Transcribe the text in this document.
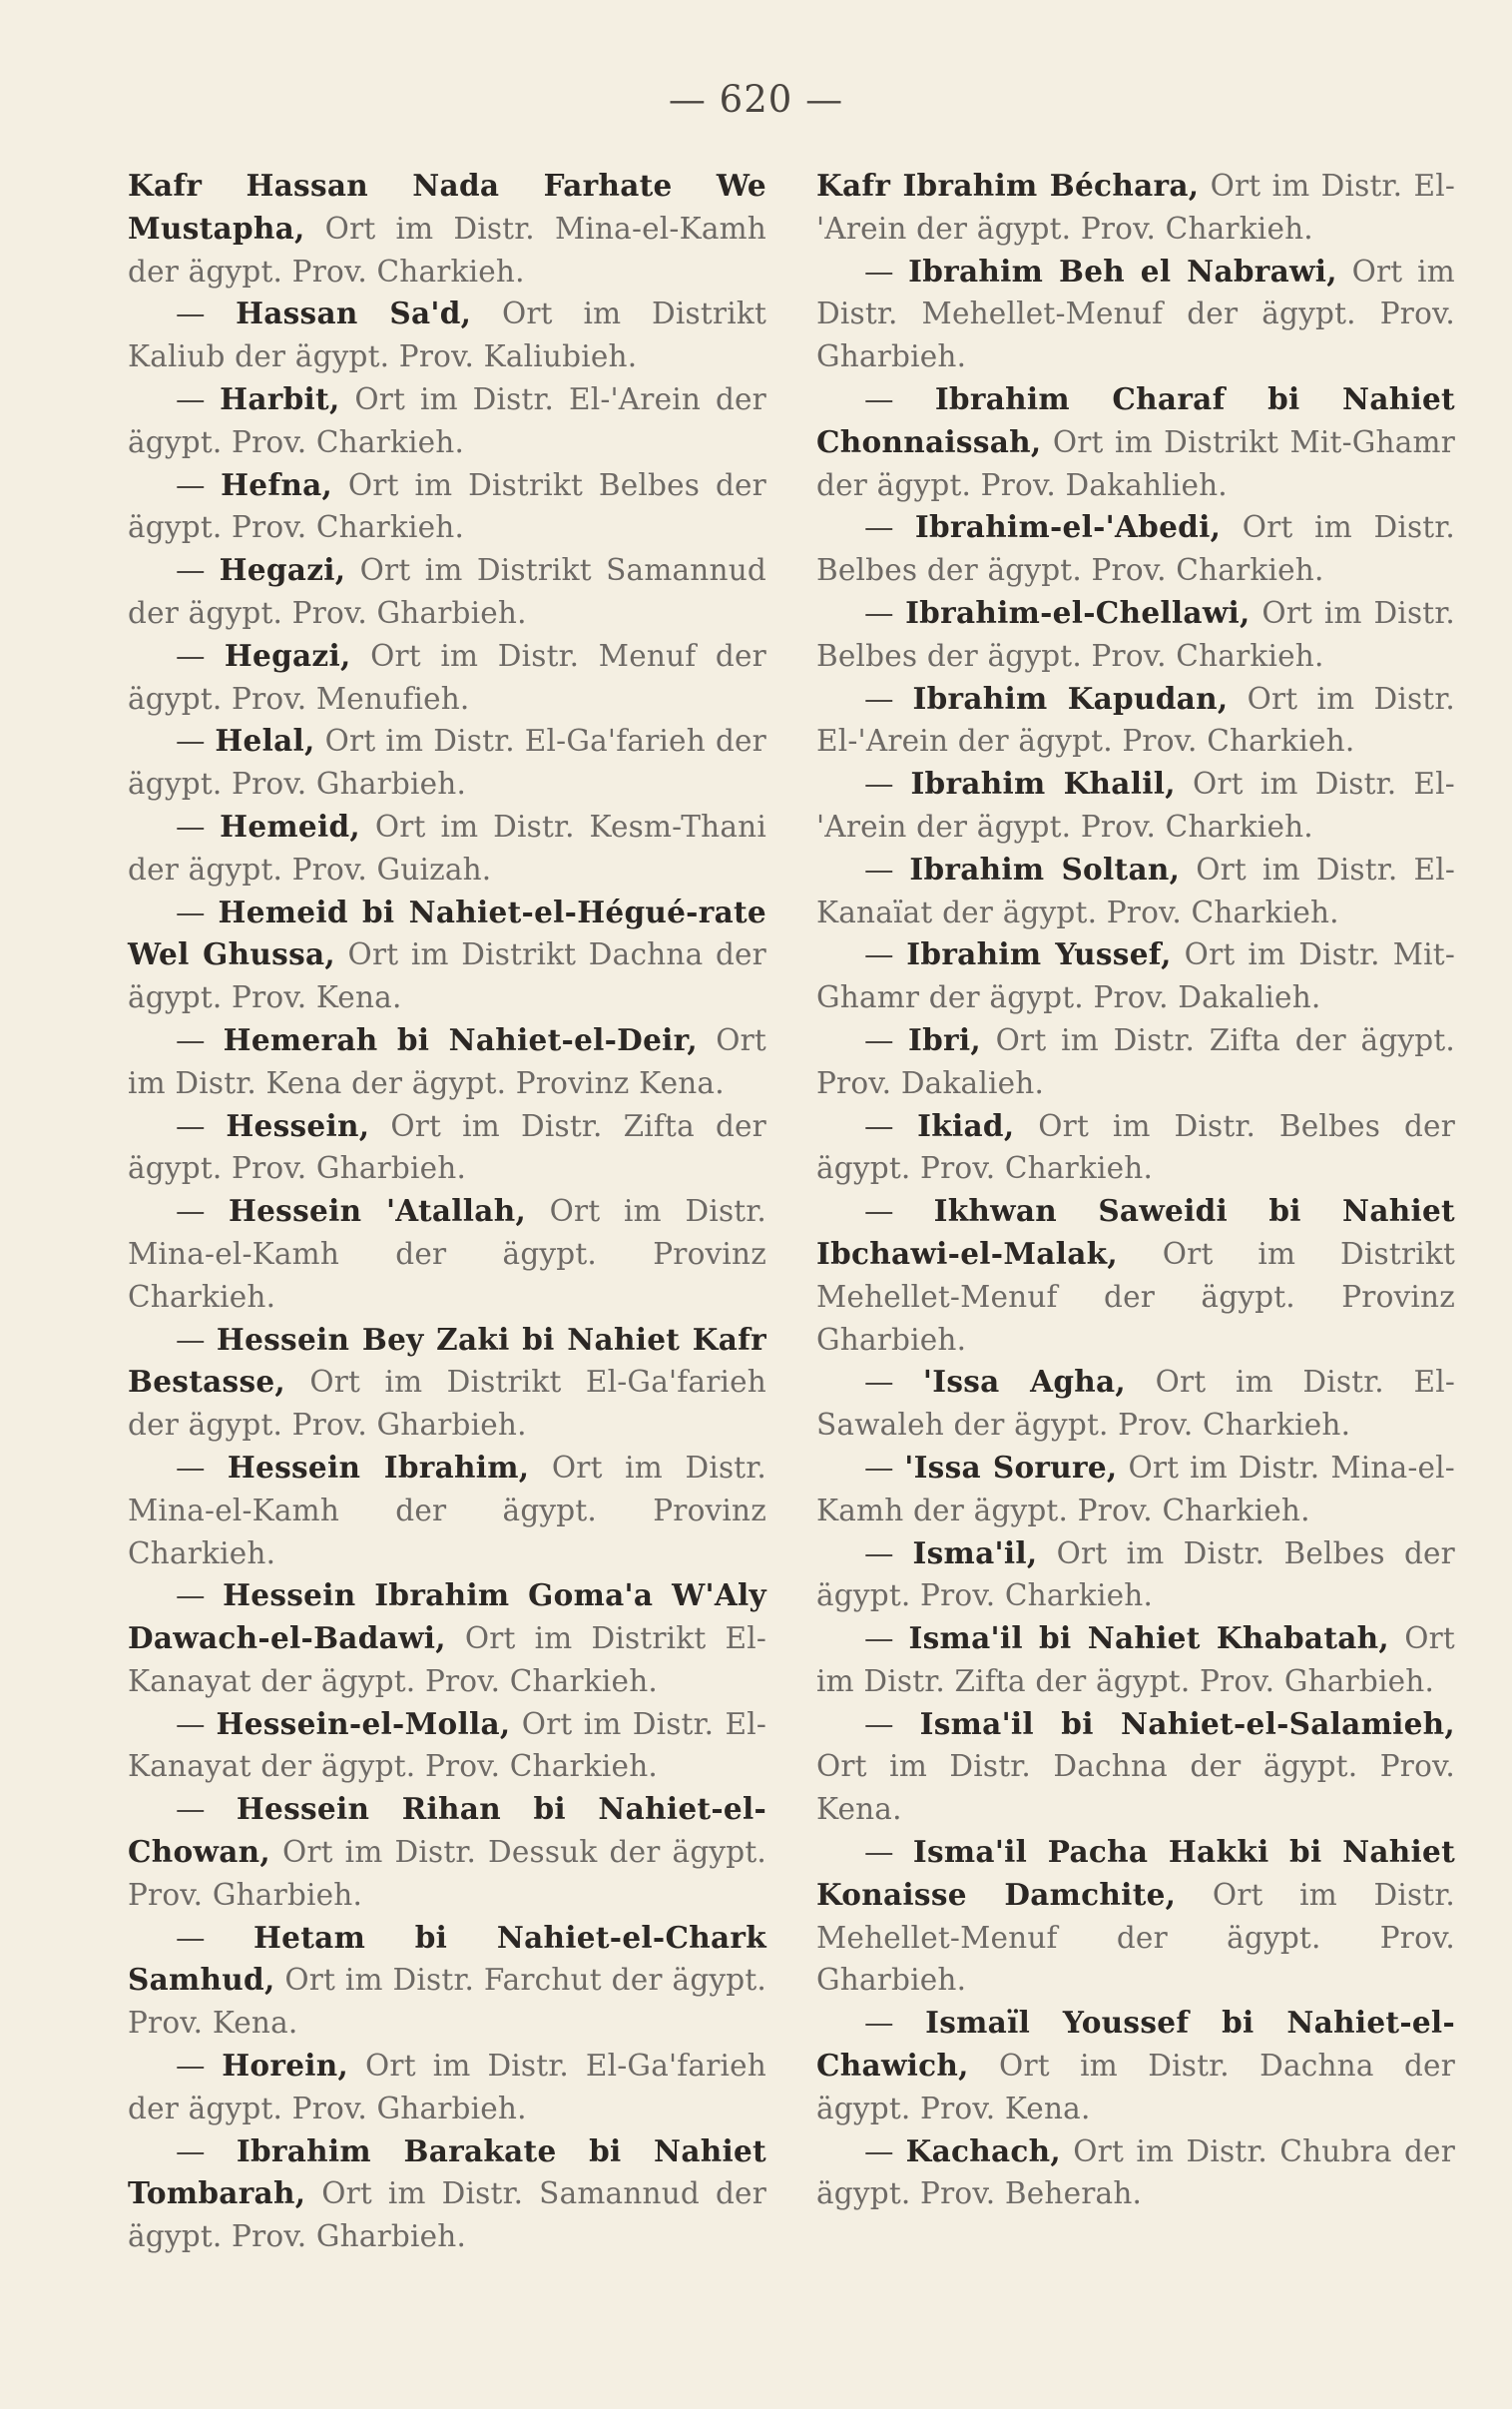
— 620 —

Kafr Hassan Nada Farhate We Mustapha, Ort im Distr. Mina-el-Kamh der ägypt. Prov. Charkieh.

— Hassan Sa'd, Ort im Distrikt Kaliub der ägypt. Prov. Kaliubieh.

— Harbit, Ort im Distr. El-'Arein der ägypt. Prov. Charkieh.

— Hefna, Ort im Distrikt Belbes der ägypt. Prov. Charkieh.

— Hegazi, Ort im Distrikt Samannud der ägypt. Prov. Gharbieh.

— Hegazi, Ort im Distr. Menuf der ägypt. Prov. Menufieh.

— Helal, Ort im Distr. El-Ga'farieh der ägypt. Prov. Gharbieh.

— Hemeid, Ort im Distr. Kesm-Thani der ägypt. Prov. Guizah.

— Hemeid bi Nahiet-el-Hégué-rate Wel Ghussa, Ort im Distrikt Dachna der ägypt. Prov. Kena.

— Hemerah bi Nahiet-el-Deir, Ort im Distr. Kena der ägypt. Provinz Kena.

— Hessein, Ort im Distr. Zifta der ägypt. Prov. Gharbieh.

— Hessein 'Atallah, Ort im Distr. Mina-el-Kamh der ägypt. Provinz Charkieh.

— Hessein Bey Zaki bi Nahiet Kafr Bestasse, Ort im Distrikt El-Ga'farieh der ägypt. Prov. Gharbieh.

— Hessein Ibrahim, Ort im Distr. Mina-el-Kamh der ägypt. Provinz Charkieh.

— Hessein Ibrahim Goma'a W'Aly Dawach-el-Badawi, Ort im Distrikt El-Kanayat der ägypt. Prov. Charkieh.

— Hessein-el-Molla, Ort im Distr. El-Kanayat der ägypt. Prov. Charkieh.

— Hessein Rihan bi Nahiet-el-Chowan, Ort im Distr. Dessuk der ägypt. Prov. Gharbieh.

— Hetam bi Nahiet-el-Chark Samhud, Ort im Distr. Farchut der ägypt. Prov. Kena.

— Horein, Ort im Distr. El-Ga'farieh der ägypt. Prov. Gharbieh.

— Ibrahim Barakate bi Nahiet Tombarah, Ort im Distr. Samannud der ägypt. Prov. Gharbieh.

Kafr Ibrahim Béchara, Ort im Distr. El-'Arein der ägypt. Prov. Charkieh.

— Ibrahim Beh el Nabrawi, Ort im Distr. Mehellet-Menuf der ägypt. Prov. Gharbieh.

— Ibrahim Charaf bi Nahiet Chonnaissah, Ort im Distrikt Mit-Ghamr der ägypt. Prov. Dakahlieh.

— Ibrahim-el-'Abedi, Ort im Distr. Belbes der ägypt. Prov. Charkieh.

— Ibrahim-el-Chellawi, Ort im Distr. Belbes der ägypt. Prov. Charkieh.

— Ibrahim Kapudan, Ort im Distr. El-'Arein der ägypt. Prov. Charkieh.

— Ibrahim Khalil, Ort im Distr. El-'Arein der ägypt. Prov. Charkieh.

— Ibrahim Soltan, Ort im Distr. El-Kanaïat der ägypt. Prov. Charkieh.

— Ibrahim Yussef, Ort im Distr. Mit-Ghamr der ägypt. Prov. Dakalieh.

— Ibri, Ort im Distr. Zifta der ägypt. Prov. Dakalieh.

— Ikiad, Ort im Distr. Belbes der ägypt. Prov. Charkieh.

— Ikhwan Saweidi bi Nahiet Ibchawi-el-Malak, Ort im Distrikt Mehellet-Menuf der ägypt. Provinz Gharbieh.

— 'Issa Agha, Ort im Distr. El-Sawaleh der ägypt. Prov. Charkieh.

— 'Issa Sorure, Ort im Distr. Mina-el-Kamh der ägypt. Prov. Charkieh.

— Isma'il, Ort im Distr. Belbes der ägypt. Prov. Charkieh.

— Isma'il bi Nahiet Khabatah, Ort im Distr. Zifta der ägypt. Prov. Gharbieh.

— Isma'il bi Nahiet-el-Salamieh, Ort im Distr. Dachna der ägypt. Prov. Kena.

— Isma'il Pacha Hakki bi Nahiet Konaisse Damchite, Ort im Distr. Mehellet-Menuf der ägypt. Prov. Gharbieh.

— Ismaïl Youssef bi Nahiet-el-Chawich, Ort im Distr. Dachna der ägypt. Prov. Kena.

— Kachach, Ort im Distr. Chubra der ägypt. Prov. Beherah.
